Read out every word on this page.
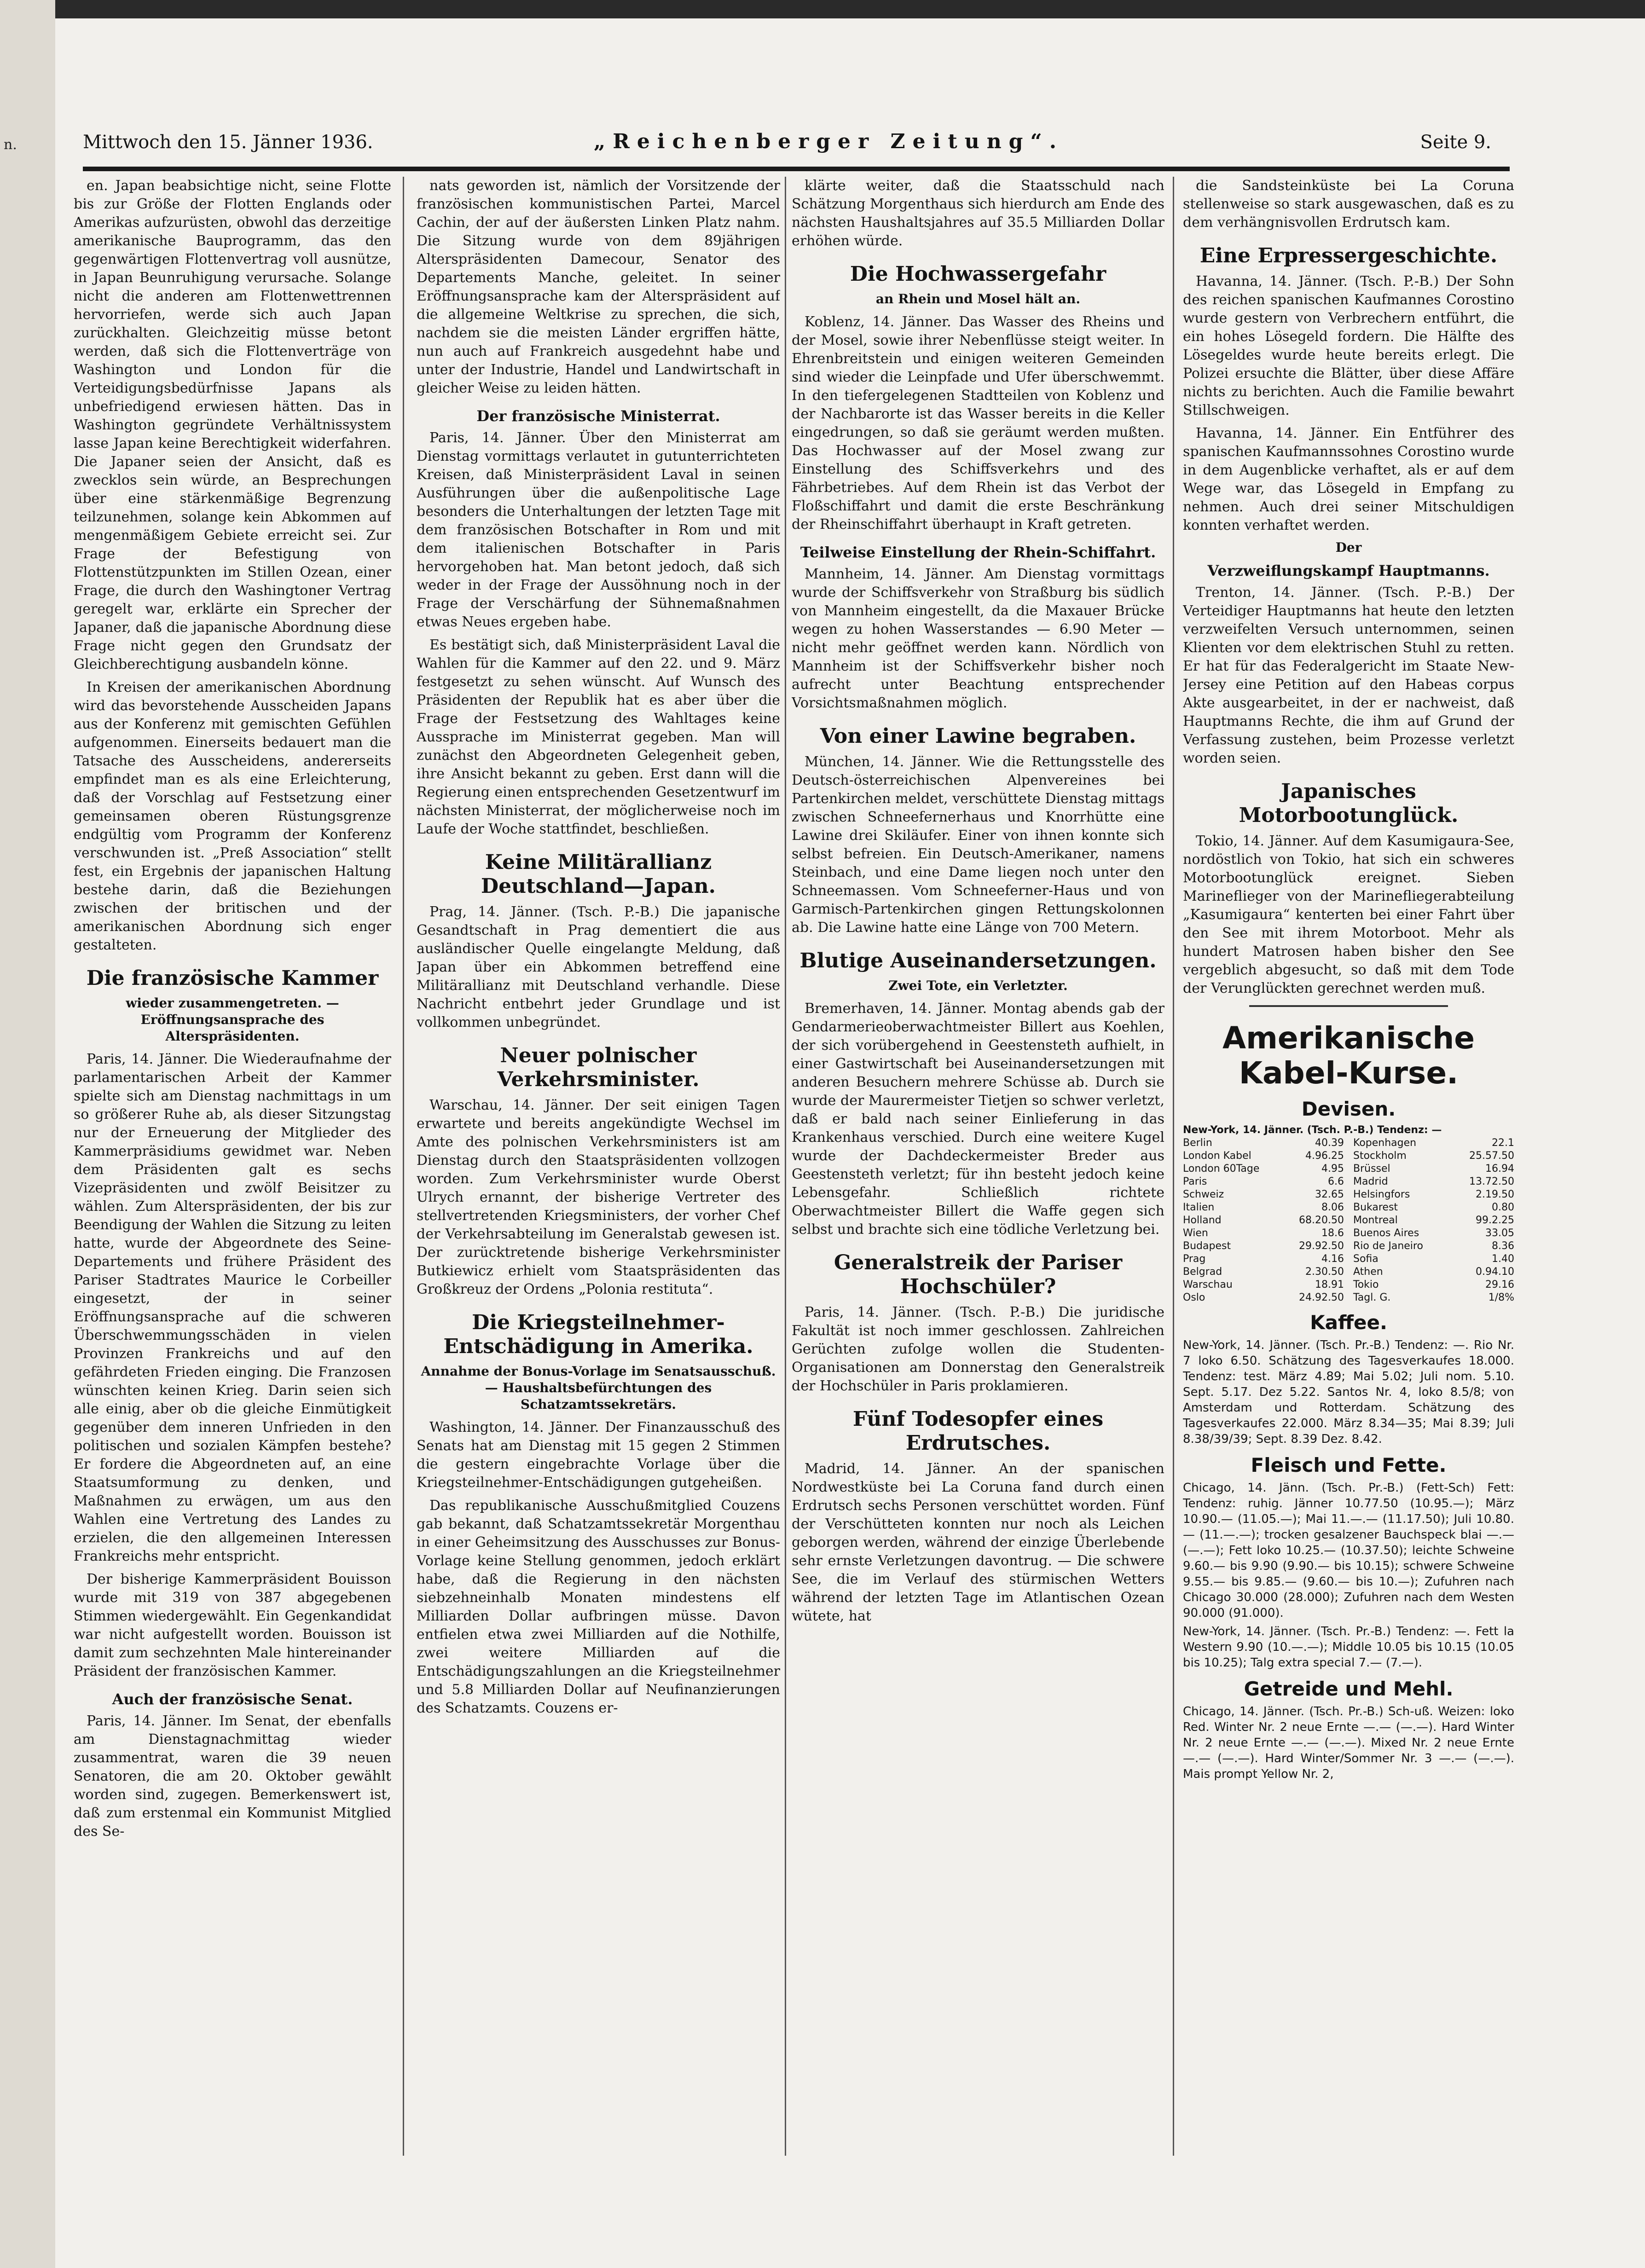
n.	Mittwoch den 15. Jänner 1936.	„Reichenberger Zeitung“.	Seite 9.

en. Japan beabsichtige nicht, seine Flotte bis zur Größe der Flotten Englands oder Amerikas aufzurüsten, obwohl das derzeitige amerikanische Bauprogramm, das den gegenwärtigen Flottenvertrag voll ausnütze, in Japan Beunruhigung verursache. Solange nicht die anderen am Flottenwettrennen hervorriefen, werde sich auch Japan zurückhalten. Gleichzeitig müsse betont werden, daß sich die Flottenverträge von Washington und London für die Verteidigungsbedürfnisse Japans als unbefriedigend erwiesen hätten. Das in Washington gegründete Verhältnissystem lasse Japan keine Berechtigkeit widerfahren. Die Japaner seien der Ansicht, daß es zwecklos sein würde, an Besprechungen über eine stärkenmäßige Begrenzung teilzunehmen, solange kein Abkommen auf mengenmäßigem Gebiete erreicht sei. Zur Frage der Befestigung von Flottenstützpunkten im Stillen Ozean, einer Frage, die durch den Washingtoner Vertrag geregelt war, erklärte ein Sprecher der Japaner, daß die japanische Abordnung diese Frage nicht gegen den Grundsatz der Gleichberechtigung ausbandeln könne.

In Kreisen der amerikanischen Abordnung wird das bevorstehende Ausscheiden Japans aus der Konferenz mit gemischten Gefühlen aufgenommen. Einerseits bedauert man die Tatsache des Ausscheidens, andererseits empfindet man es als eine Erleichterung, daß der Vorschlag auf Festsetzung einer gemeinsamen oberen Rüstungsgrenze endgültig vom Programm der Konferenz verschwunden ist. „Preß Association“ stellt fest, ein Ergebnis der japanischen Haltung bestehe darin, daß die Beziehungen zwischen der britischen und der amerikanischen Abordnung sich enger gestalteten.

Die französische Kammer
wieder zusammengetreten. — Eröffnungsansprache des Alterspräsidenten.

Paris, 14. Jänner. Die Wiederaufnahme der parlamentarischen Arbeit der Kammer spielte sich am Dienstag nachmittags in um so größerer Ruhe ab, als dieser Sitzungstag nur der Erneuerung der Mitglieder des Kammerpräsidiums gewidmet war. Neben dem Präsidenten galt es sechs Vizepräsidenten und zwölf Beisitzer zu wählen. Zum Alterspräsidenten, der bis zur Beendigung der Wahlen die Sitzung zu leiten hatte, wurde der Abgeordnete des Seine-Departements und frühere Präsident des Pariser Stadtrates Maurice le Corbeiller eingesetzt, der in seiner Eröffnungsansprache auf die schweren Überschwemmungsschäden in vielen Provinzen Frankreichs und auf den gefährdeten Frieden einging. Die Franzosen wünschten keinen Krieg. Darin seien sich alle einig, aber ob die gleiche Einmütigkeit gegenüber dem inneren Unfrieden in den politischen und sozialen Kämpfen bestehe? Er fordere die Abgeordneten auf, an eine Staatsumformung zu denken, und Maßnahmen zu erwägen, um aus den Wahlen eine Vertretung des Landes zu erzielen, die den allgemeinen Interessen Frankreichs mehr entspricht.

Der bisherige Kammerpräsident Bouisson wurde mit 319 von 387 abgegebenen Stimmen wiedergewählt. Ein Gegenkandidat war nicht aufgestellt worden. Bouisson ist damit zum sechzehnten Male hintereinander Präsident der französischen Kammer.

Auch der französische Senat.

Paris, 14. Jänner. Im Senat, der ebenfalls am Dienstagnachmittag wieder zusammentrat, waren die 39 neuen Senatoren, die am 20. Oktober gewählt worden sind, zugegen. Bemerkenswert ist, daß zum erstenmal ein Kommunist Mitglied des Se-

nats geworden ist, nämlich der Vorsitzende der französischen kommunistischen Partei, Marcel Cachin, der auf der äußersten Linken Platz nahm. Die Sitzung wurde von dem 89jährigen Alterspräsidenten Damecour, Senator des Departements Manche, geleitet. In seiner Eröffnungsansprache kam der Alterspräsident auf die allgemeine Weltkrise zu sprechen, die sich, nachdem sie die meisten Länder ergriffen hätte, nun auch auf Frankreich ausgedehnt habe und unter der Industrie, Handel und Landwirtschaft in gleicher Weise zu leiden hätten.

Der französische Ministerrat.

Paris, 14. Jänner. Über den Ministerrat am Dienstag vormittags verlautet in gutunterrichteten Kreisen, daß Ministerpräsident Laval in seinen Ausführungen über die außenpolitische Lage besonders die Unterhaltungen der letzten Tage mit dem französischen Botschafter in Rom und mit dem italienischen Botschafter in Paris hervorgehoben hat. Man betont jedoch, daß sich weder in der Frage der Aussöhnung noch in der Frage der Verschärfung der Sühnemaßnahmen etwas Neues ergeben habe.

Es bestätigt sich, daß Ministerpräsident Laval die Wahlen für die Kammer auf den 22. und 9. März festgesetzt zu sehen wünscht. Auf Wunsch des Präsidenten der Republik hat es aber über die Frage der Festsetzung des Wahltages keine Aussprache im Ministerrat gegeben. Man will zunächst den Abgeordneten Gelegenheit geben, ihre Ansicht bekannt zu geben. Erst dann will die Regierung einen entsprechenden Gesetzentwurf im nächsten Ministerrat, der möglicherweise noch im Laufe der Woche stattfindet, beschließen.

Keine Militärallianz Deutschland—Japan.

Prag, 14. Jänner. (Tsch. P.-B.) Die japanische Gesandtschaft in Prag dementiert die aus ausländischer Quelle eingelangte Meldung, daß Japan über ein Abkommen betreffend eine Militärallianz mit Deutschland verhandle. Diese Nachricht entbehrt jeder Grundlage und ist vollkommen unbegründet.

Neuer polnischer Verkehrsminister.

Warschau, 14. Jänner. Der seit einigen Tagen erwartete und bereits angekündigte Wechsel im Amte des polnischen Verkehrsministers ist am Dienstag durch den Staatspräsidenten vollzogen worden. Zum Verkehrsminister wurde Oberst Ulrych ernannt, der bisherige Vertreter des stellvertretenden Kriegsministers, der vorher Chef der Verkehrsabteilung im Generalstab gewesen ist. Der zurücktretende bisherige Verkehrsminister Butkiewicz erhielt vom Staatspräsidenten das Großkreuz der Ordens „Polonia restituta“.

Die Kriegsteilnehmer-Entschädigung in Amerika.
Annahme der Bonus-Vorlage im Senatsausschuß. — Haushaltsbefürchtungen des Schatzamtssekretärs.

Washington, 14. Jänner. Der Finanzausschuß des Senats hat am Dienstag mit 15 gegen 2 Stimmen die gestern eingebrachte Vorlage über die Kriegsteilnehmer-Entschädigungen gutgeheißen.

Das republikanische Ausschußmitglied Couzens gab bekannt, daß Schatzamtssekretär Morgenthau in einer Geheimsitzung des Ausschusses zur Bonus-Vorlage keine Stellung genommen, jedoch erklärt habe, daß die Regierung in den nächsten siebzehneinhalb Monaten mindestens elf Milliarden Dollar aufbringen müsse. Davon entfielen etwa zwei Milliarden auf die Nothilfe, zwei weitere Milliarden auf die Entschädigungszahlungen an die Kriegsteilnehmer und 5.8 Milliarden Dollar auf Neufinanzierungen des Schatzamts. Couzens er-

klärte weiter, daß die Staatsschuld nach Schätzung Morgenthaus sich hierdurch am Ende des nächsten Haushaltsjahres auf 35.5 Milliarden Dollar erhöhen würde.

Die Hochwassergefahr
an Rhein und Mosel hält an.

Koblenz, 14. Jänner. Das Wasser des Rheins und der Mosel, sowie ihrer Nebenflüsse steigt weiter. In Ehrenbreitstein und einigen weiteren Gemeinden sind wieder die Leinpfade und Ufer überschwemmt. In den tiefergelegenen Stadtteilen von Koblenz und der Nachbarorte ist das Wasser bereits in die Keller eingedrungen, so daß sie geräumt werden mußten. Das Hochwasser auf der Mosel zwang zur Einstellung des Schiffsverkehrs und des Fährbetriebes. Auf dem Rhein ist das Verbot der Floßschiffahrt und damit die erste Beschränkung der Rheinschiffahrt überhaupt in Kraft getreten.

Teilweise Einstellung der Rhein-Schiffahrt.

Mannheim, 14. Jänner. Am Dienstag vormittags wurde der Schiffsverkehr von Straßburg bis südlich von Mannheim eingestellt, da die Maxauer Brücke wegen zu hohen Wasserstandes — 6.90 Meter — nicht mehr geöffnet werden kann. Nördlich von Mannheim ist der Schiffsverkehr bisher noch aufrecht unter Beachtung entsprechender Vorsichtsmaßnahmen möglich.

Von einer Lawine begraben.

München, 14. Jänner. Wie die Rettungsstelle des Deutsch-österreichischen Alpenvereines bei Partenkirchen meldet, verschüttete Dienstag mittags zwischen Schneefernerhaus und Knorrhütte eine Lawine drei Skiläufer. Einer von ihnen konnte sich selbst befreien. Ein Deutsch-Amerikaner, namens Steinbach, und eine Dame liegen noch unter den Schneemassen. Vom Schneeferner-Haus und von Garmisch-Partenkirchen gingen Rettungskolonnen ab. Die Lawine hatte eine Länge von 700 Metern.

Blutige Auseinandersetzungen.
Zwei Tote, ein Verletzter.

Bremerhaven, 14. Jänner. Montag abends gab der Gendarmerieoberwachtmeister Billert aus Koehlen, der sich vorübergehend in Geestensteth aufhielt, in einer Gastwirtschaft bei Auseinandersetzungen mit anderen Besuchern mehrere Schüsse ab. Durch sie wurde der Maurermeister Tietjen so schwer verletzt, daß er bald nach seiner Einlieferung in das Krankenhaus verschied. Durch eine weitere Kugel wurde der Dachdeckermeister Breder aus Geestensteth verletzt; für ihn besteht jedoch keine Lebensgefahr. Schließlich richtete Oberwachtmeister Billert die Waffe gegen sich selbst und brachte sich eine tödliche Verletzung bei.

Generalstreik der Pariser Hochschüler?

Paris, 14. Jänner. (Tsch. P.-B.) Die juridische Fakultät ist noch immer geschlossen. Zahlreichen Gerüchten zufolge wollen die Studenten-Organisationen am Donnerstag den Generalstreik der Hochschüler in Paris proklamieren.

Fünf Todesopfer eines Erdrutsches.

Madrid, 14. Jänner. An der spanischen Nordwestküste bei La Coruna fand durch einen Erdrutsch sechs Personen verschüttet worden. Fünf der Verschütteten konnten nur noch als Leichen geborgen werden, während der einzige Überlebende sehr ernste Verletzungen davontrug. — Die schwere See, die im Verlauf des stürmischen Wetters während der letzten Tage im Atlantischen Ozean wütete, hat

die Sandsteinküste bei La Coruna stellenweise so stark ausgewaschen, daß es zu dem verhängnisvollen Erdrutsch kam.

Eine Erpressergeschichte.

Havanna, 14. Jänner. (Tsch. P.-B.) Der Sohn des reichen spanischen Kaufmannes Corostino wurde gestern von Verbrechern entführt, die ein hohes Lösegeld fordern. Die Hälfte des Lösegeldes wurde heute bereits erlegt. Die Polizei ersuchte die Blätter, über diese Affäre nichts zu berichten. Auch die Familie bewahrt Stillschweigen.

Havanna, 14. Jänner. Ein Entführer des spanischen Kaufmannssohnes Corostino wurde in dem Augenblicke verhaftet, als er auf dem Wege war, das Lösegeld in Empfang zu nehmen. Auch drei seiner Mitschuldigen konnten verhaftet werden.

Der
Verzweiflungskampf Hauptmanns.

Trenton, 14. Jänner. (Tsch. P.-B.) Der Verteidiger Hauptmanns hat heute den letzten verzweifelten Versuch unternommen, seinen Klienten vor dem elektrischen Stuhl zu retten. Er hat für das Federalgericht im Staate New-Jersey eine Petition auf den Habeas corpus Akte ausgearbeitet, in der er nachweist, daß Hauptmanns Rechte, die ihm auf Grund der Verfassung zustehen, beim Prozesse verletzt worden seien.

Japanisches Motorbootunglück.

Tokio, 14. Jänner. Auf dem Kasumigaura-See, nordöstlich von Tokio, hat sich ein schweres Motorbootunglück ereignet. Sieben Marineflieger von der Marinefliegerabteilung „Kasumigaura“ kenterten bei einer Fahrt über den See mit ihrem Motorboot. Mehr als hundert Matrosen haben bisher den See vergeblich abgesucht, so daß mit dem Tode der Verunglückten gerechnet werden muß.

Amerikanische Kabel-Kurse.
Devisen.
New-York, 14. Jänner. (Tsch. P.-B.) Tendenz: —
Berlin	40.39 Kopenhagen	22.1
London Kabel	4.96.25 Stockholm	25.57.50
London 60Tage	4.95 Brüssel	16.94
Paris	6.6 Madrid	13.72.50
Schweiz	32.65 Helsingfors	2.19.50
Italien	8.06 Bukarest	0.80
Holland	68.20.50 Montreal	99.2.25
Wien	18.6 Buenos Aires	33.05
Budapest	29.92.50 Rio de Janeiro	8.36
Prag	4.16 Sofia	1.40
Belgrad	2.30.50 Athen	0.94.10
Warschau	18.91 Tokio	29.16
Oslo	24.92.50 Tagl. G.	1/8%
Kaffee.

New-York, 14. Jänner. (Tsch. Pr.-B.) Tendenz: —. Rio Nr. 7 loko 6.50. Schätzung des Tagesverkaufes 18.000. Tendenz: test. März 4.89; Mai 5.02; Juli nom. 5.10. Sept. 5.17. Dez 5.22. Santos Nr. 4, loko 8.5/8; von Amsterdam und Rotterdam. Schätzung des Tagesverkaufes 22.000. März 8.34—35; Mai 8.39; Juli 8.38/39/39; Sept. 8.39 Dez. 8.42.

Fleisch und Fette.

Chicago, 14. Jänn. (Tsch. Pr.-B.) (Fett-Sch) Fett: Tendenz: ruhig. Jänner 10.77.50 (10.95.—); März 10.90.— (11.05.—); Mai 11.—.— (11.17.50); Juli 10.80.— (11.—.—); trocken gesalzener Bauchspeck blai —.— (—.—); Fett loko 10.25.— (10.37.50); leichte Schweine 9.60.— bis 9.90 (9.90.— bis 10.15); schwere Schweine 9.55.— bis 9.85.— (9.60.— bis 10.—); Zufuhren nach Chicago 30.000 (28.000); Zufuhren nach dem Westen 90.000 (91.000).

New-York, 14. Jänner. (Tsch. Pr.-B.) Tendenz: —. Fett la Western 9.90 (10.—.—); Middle 10.05 bis 10.15 (10.05 bis 10.25); Talg extra special 7.— (7.—).

Getreide und Mehl.

Chicago, 14. Jänner. (Tsch. Pr.-B.) Sch-uß. Weizen: loko Red. Winter Nr. 2 neue Ernte —.— (—.—). Hard Winter Nr. 2 neue Ernte —.— (—.—). Mixed Nr. 2 neue Ernte —.— (—.—). Hard Winter/Sommer Nr. 3 —.— (—.—). Mais prompt Yellow Nr. 2,
